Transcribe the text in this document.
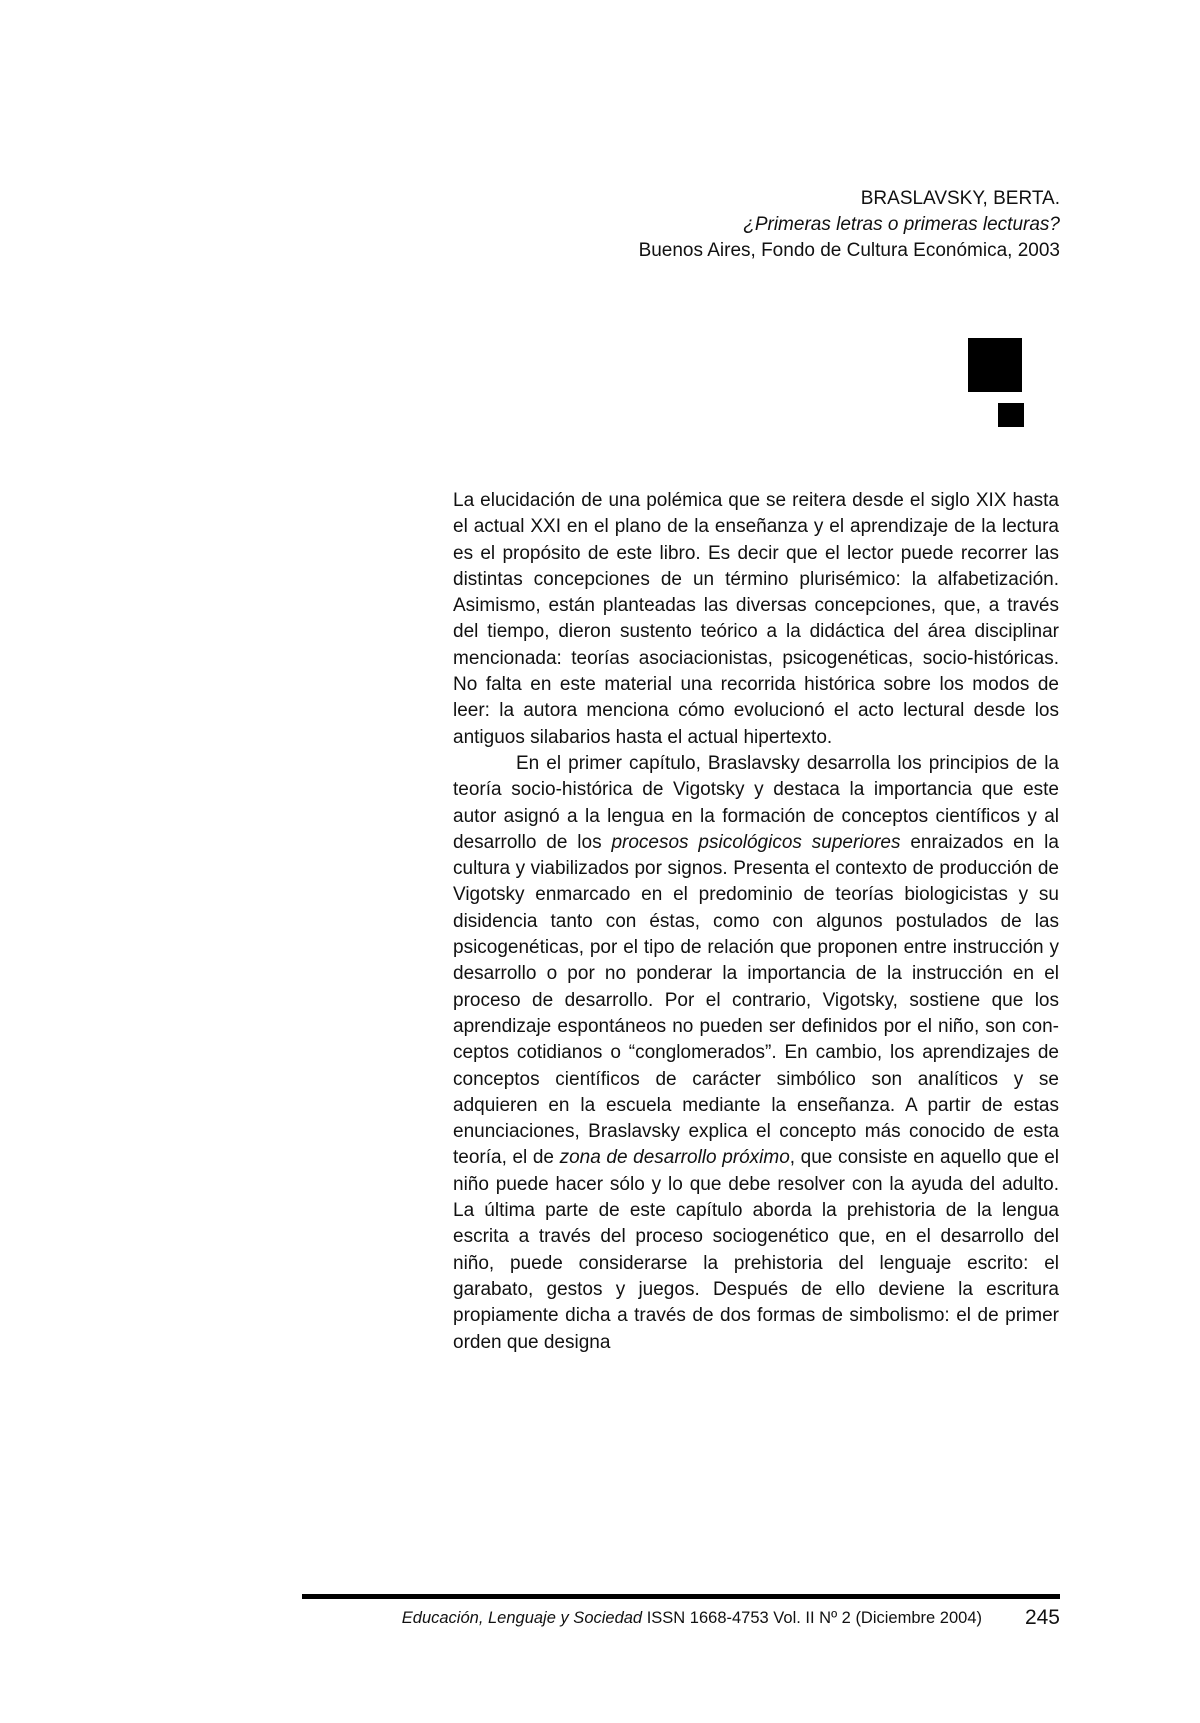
BRASLAVSKY, BERTA.
¿Primeras letras o primeras lecturas?
Buenos Aires, Fondo de Cultura Económica, 2003

La elucidación de una polémica que se reitera desde el siglo XIX hasta el actual XXI en el plano de la enseñanza y el aprendizaje de la lectura es el propósito de este libro. Es decir que el lector puede recorrer las distintas concepciones de un término plurisémico: la alfabetización. Asimismo, están planteadas las diversas concepciones, que, a través del tiempo, dieron sustento teórico a la didáctica del área disciplinar mencionada: teorías asociacionistas, psicogenéticas, socio-históricas. No falta en este material una recorrida histórica sobre los modos de leer: la autora menciona cómo evolucionó el acto lectural desde los antiguos silabarios hasta el actual hipertexto.

En el primer capítulo, Braslavsky desarrolla los principios de la teoría socio-histórica de Vigotsky y destaca la importancia que este autor asignó a la lengua en la formación de conceptos científicos y al desarrollo de los procesos psicológicos superiores enraizados en la cultura y viabilizados por signos. Presenta el contexto de producción de Vigotsky enmarcado en el predominio de teorías biologicistas y su disidencia tanto con éstas, como con algunos postulados de las psicogenéticas, por el tipo de relación que proponen entre instrucción y desarrollo o por no ponderar la importancia de la instrucción en el proceso de desarrollo. Por el contrario, Vigotsky, sostiene que los aprendizaje espontáneos no pueden ser definidos por el niño, son conceptos cotidianos o “conglomerados”. En cambio, los aprendizajes de conceptos científicos de carácter simbólico son analíticos y se adquieren en la escuela mediante la enseñanza. A partir de estas enunciaciones, Braslavsky explica el concepto más conocido de esta teoría, el de zona de desarrollo próximo, que consiste en aquello que el niño puede hacer sólo y lo que debe resolver con la ayuda del adulto. La última parte de este capítulo aborda la prehistoria de la lengua escrita a través del proceso sociogenético que, en el desarrollo del niño, puede considerarse la prehistoria del lenguaje escrito: el garabato, gestos y juegos. Después de ello deviene la escritura propiamente dicha a través de dos formas de simbolismo: el de primer orden que designa

Educación, Lenguaje y Sociedad ISSN 1668-4753 Vol. II Nº 2 (Diciembre 2004) 245
